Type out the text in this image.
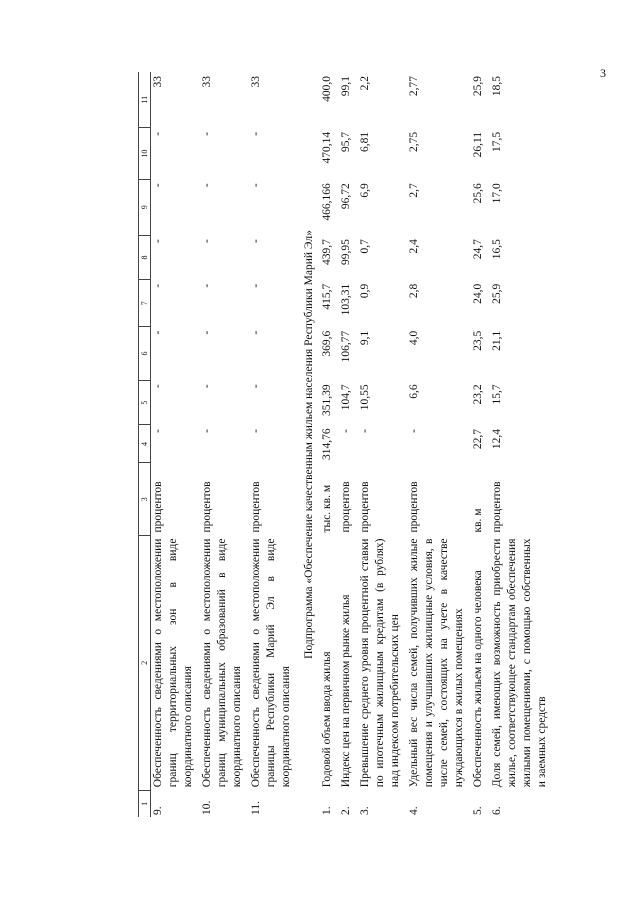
3
1	2	3	4	5	6	7	8	9	10	11
9.	Обеспеченность сведениями о местоположении границ территориальных зон в виде координатного описания	процентов	-	-	-	-	-	-	-	33

10.	Обеспеченность сведениями о местоположении границ муниципальных образований в виде координатного описания	процентов	-	-	-	-	-	-	-	33

11.	Обеспеченность сведениями о местоположении границы Республики Марий Эл в виде координатного описания	процентов	-	-	-	-	-	-	-	33

Подпрограмма «Обеспечение качественным жильем населения Республики Марий Эл»										
1.	Годовой объем ввода жилья	тыс. кв. м	314,76	351,39	369,6	415,7	439,7	466,166	470,14	400,0

2.	Индекс цен на первичном рынке жилья	процентов	-	104,7	106,77	103,31	99,95	96,72	95,7	99,1

3.	Превышение среднего уровня процентной ставки по ипотечным жилищным кредитам (в рублях) над индексом потребительских цен	процентов	-	10,55	9,1	0,9	0,7	6,9	6,81	2,2

4.	Удельный вес числа семей, получивших жилые помещения и улучшивших жилищные условия, в числе семей, состоящих на учете в качестве нуждающихся в жилых помещениях	процентов	-	6,6	4,0	2,8	2,4	2,7	2,75	2,77

5.	Обеспеченность жильем на одного человека	кв. м	22,7	23,2	23,5	24,0	24,7	25,6	26,11	25,9

6.	Доля семей, имеющих возможность приобрести жилье, соответствующее стандартам обеспечения жилыми помещениями, с помощью собственных и заемных средств	процентов	12,4	15,7	21,1	25,9	16,5	17,0	17,5	18,5
